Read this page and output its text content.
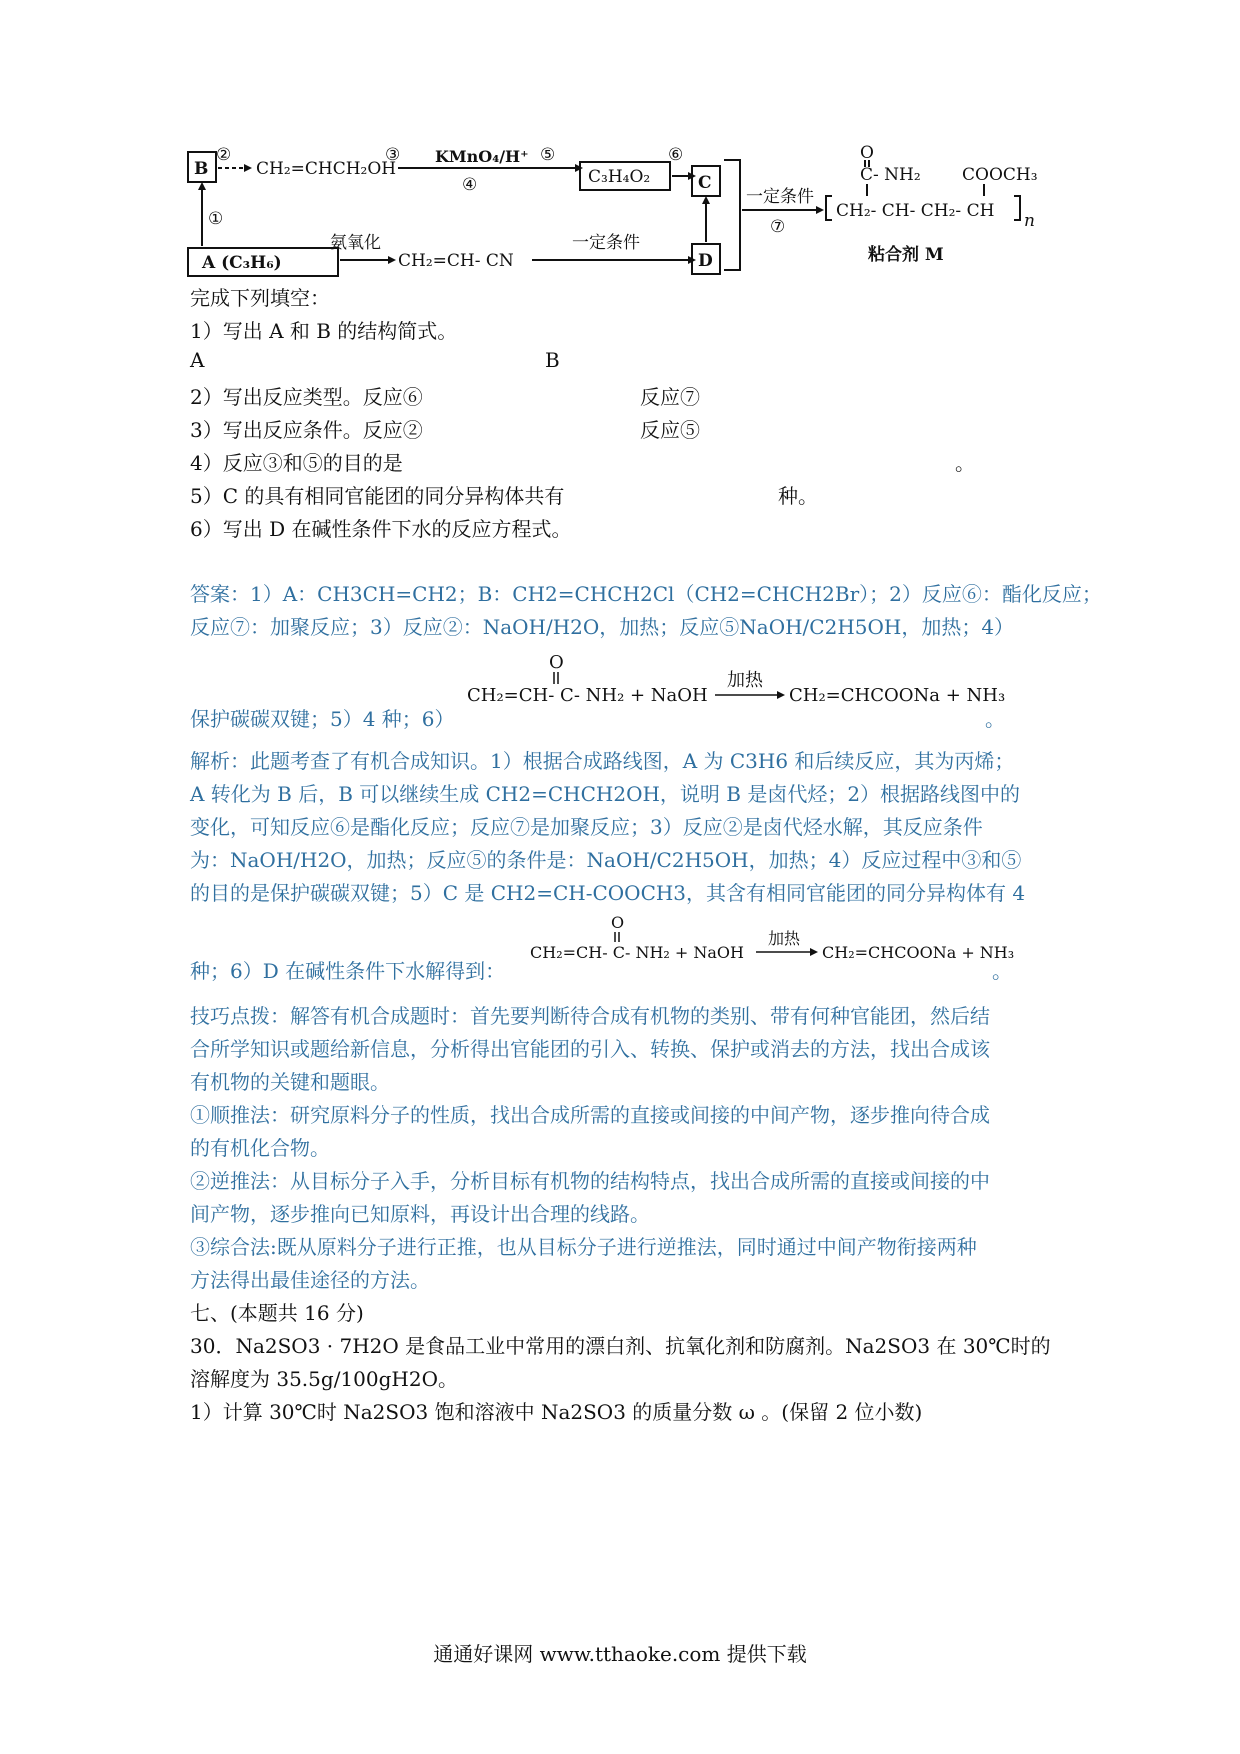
B
②
CH₂=CHCH₂OH
③ KMnO₄/H⁺
④
⑤
C₃H₄O₂
⑥
C
①
A (C₃H₆)
氨氧化
CH₂=CH- CN
一定条件
D
一定条件
⑦
O
C- NH₂ COOCH₃
CH₂- CH- CH₂- CH n
粘合剂 M
完成下列填空：
1）写出 A 和 B 的结构简式。
A	B
2）写出反应类型。反应⑥	反应⑦
3）写出反应条件。反应②	反应⑤
4）反应③和⑤的目的是	。
5）C 的具有相同官能团的同分异构体共有	种。
6）写出 D 在碱性条件下水的反应方程式。
答案：1）A：CH3CH=CH2；B：CH2=CHCH2Cl（CH2=CHCH2Br）；2）反应⑥：酯化反应；
反应⑦：加聚反应；3）反应②：NaOH/H2O，加热；反应⑤NaOH/C2H5OH，加热；4）
保护碳碳双键；5）4 种；6）	。
O
CH₂=CH- C- NH₂ + NaOH
加热
CH₂=CHCOONa + NH₃
解析：此题考查了有机合成知识。1）根据合成路线图，A 为 C3H6 和后续反应，其为丙烯；
A 转化为 B 后，B 可以继续生成 CH2=CHCH2OH，说明 B 是卤代烃；2）根据路线图中的
变化，可知反应⑥是酯化反应；反应⑦是加聚反应；3）反应②是卤代烃水解，其反应条件
为：NaOH/H2O，加热；反应⑤的条件是：NaOH/C2H5OH，加热；4）反应过程中③和⑤
的目的是保护碳碳双键；5）C 是 CH2=CH-COOCH3，其含有相同官能团的同分异构体有 4
种；6）D 在碱性条件下水解得到：	。
O
CH₂=CH- C- NH₂ + NaOH
加热
CH₂=CHCOONa + NH₃
技巧点拨：解答有机合成题时：首先要判断待合成有机物的类别、带有何种官能团，然后结
合所学知识或题给新信息，分析得出官能团的引入、转换、保护或消去的方法，找出合成该
有机物的关键和题眼。
①顺推法：研究原料分子的性质，找出合成所需的直接或间接的中间产物，逐步推向待合成
的有机化合物。
②逆推法：从目标分子入手，分析目标有机物的结构特点，找出合成所需的直接或间接的中
间产物，逐步推向已知原料，再设计出合理的线路。
③综合法:既从原料分子进行正推，也从目标分子进行逆推法，同时通过中间产物衔接两种
方法得出最佳途径的方法。
七、(本题共 16 分)
30．Na2SO3 · 7H2O 是食品工业中常用的漂白剂、抗氧化剂和防腐剂。Na2SO3 在 30℃时的
溶解度为 35.5g/100gH2O。
1）计算 30℃时 Na2SO3 饱和溶液中 Na2SO3 的质量分数 ω 。(保留 2 位小数)
通通好课网 www.tthaoke.com 提供下载
